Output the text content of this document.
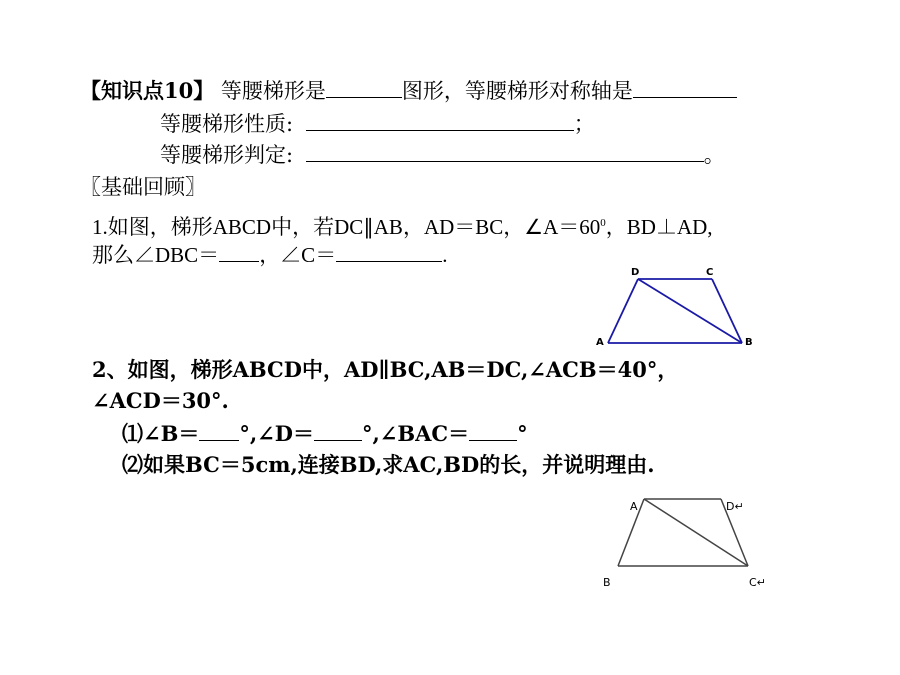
【知识点10】 等腰梯形是	图形，等腰梯形对称轴是
等腰梯形性质:	；
等腰梯形判定:	。
〖基础回顾〗
1.如图，梯形ABCD中，若DC∥AB，AD＝BC，$\angle A=60^0$，BD⊥AD,
那么∠DBC＝ ，∠C＝	.
A	B
C
D
2、如图，梯形ABCD中，AD∥BC,AB＝DC,∠ACB＝40°，
∠ACD＝30°.
⑴∠B＝ °,∠D＝ °,∠BAC＝ °
⑵如果BC＝5cm,连接BD,求AC,BD的长，并说明理由.
A	D↵
B	C↵
